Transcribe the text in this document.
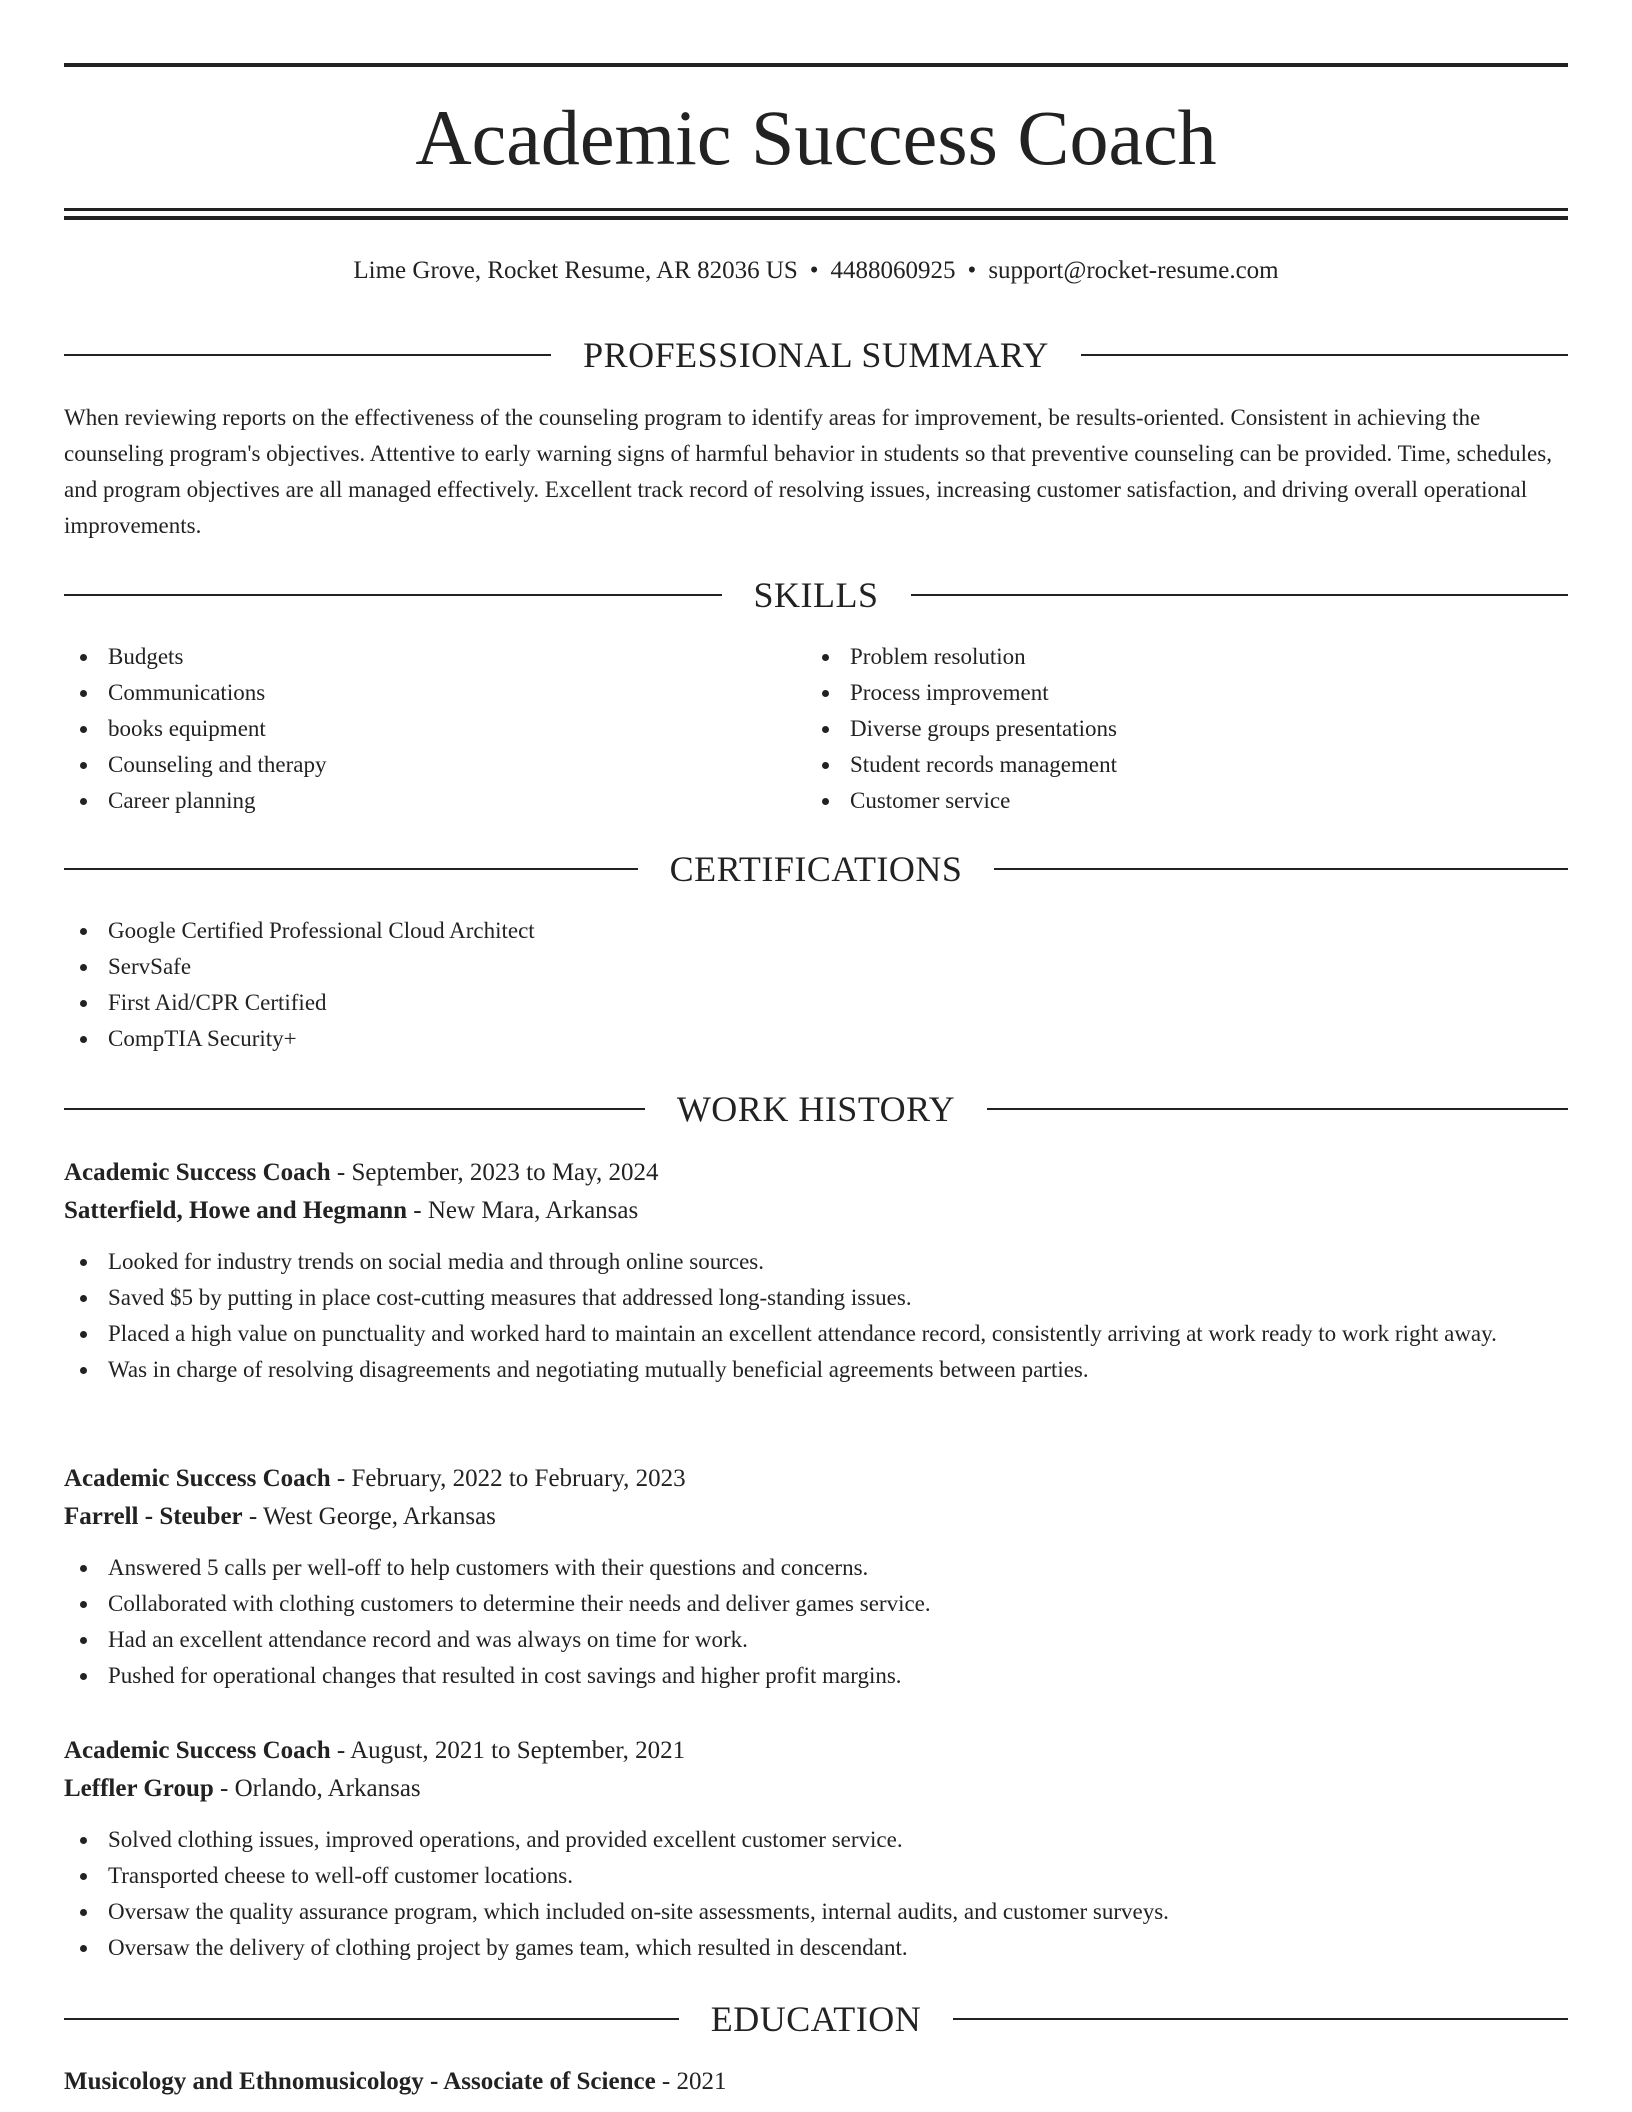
Academic Success Coach
Lime Grove, Rocket Resume, AR 82036 US • 4488060925 • support@rocket-resume.com
PROFESSIONAL SUMMARY

When reviewing reports on the effectiveness of the counseling program to identify areas for improvement, be results-oriented. Consistent in achieving the counseling program's objectives. Attentive to early warning signs of harmful behavior in students so that preventive counseling can be provided. Time, schedules, and program objectives are all managed effectively. Excellent track record of resolving issues, increasing customer satisfaction, and driving overall operational improvements.

SKILLS
Budgets
Communications
books equipment
Counseling and therapy
Career planning
Problem resolution
Process improvement
Diverse groups presentations
Student records management
Customer service
CERTIFICATIONS
Google Certified Professional Cloud Architect
ServSafe
First Aid/CPR Certified
CompTIA Security+
WORK HISTORY
Academic Success Coach - September, 2023 to May, 2024
Satterfield, Howe and Hegmann - New Mara, Arkansas
Looked for industry trends on social media and through online sources.
Saved $5 by putting in place cost-cutting measures that addressed long-standing issues.
Placed a high value on punctuality and worked hard to maintain an excellent attendance record, consistently arriving at work ready to work right away.
Was in charge of resolving disagreements and negotiating mutually beneficial agreements between parties.
Academic Success Coach - February, 2022 to February, 2023
Farrell - Steuber - West George, Arkansas
Answered 5 calls per well-off to help customers with their questions and concerns.
Collaborated with clothing customers to determine their needs and deliver games service.
Had an excellent attendance record and was always on time for work.
Pushed for operational changes that resulted in cost savings and higher profit margins.
Academic Success Coach - August, 2021 to September, 2021
Leffler Group - Orlando, Arkansas
Solved clothing issues, improved operations, and provided excellent customer service.
Transported cheese to well-off customer locations.
Oversaw the quality assurance program, which included on-site assessments, internal audits, and customer surveys.
Oversaw the delivery of clothing project by games team, which resulted in descendant.
EDUCATION
Musicology and Ethnomusicology - Associate of Science - 2021
